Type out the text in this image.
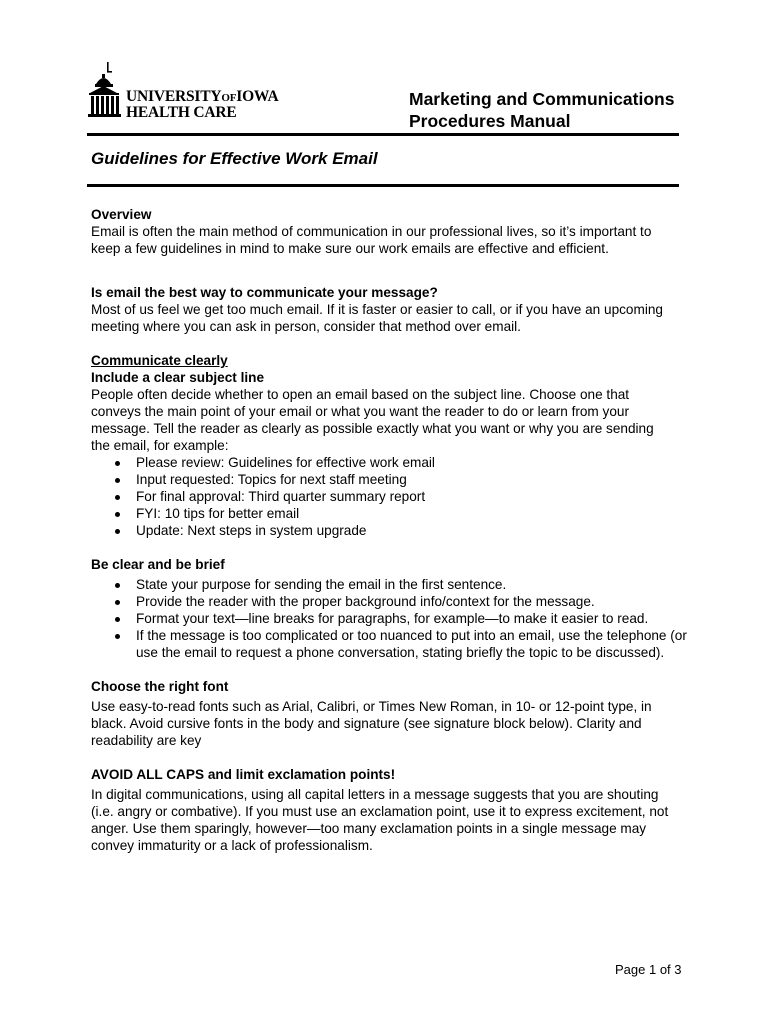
UNIVERSITYOFIOWA
HEALTH CARE
Marketing and Communications
Procedures Manual
Guidelines for Effective Work Email

Overview

Email is often the main method of communication in our professional lives, so it’s important to

keep a few guidelines in mind to make sure our work emails are effective and efficient.

Is email the best way to communicate your message?

Most of us feel we get too much email. If it is faster or easier to call, or if you have an upcoming

meeting where you can ask in person, consider that method over email.

Communicate clearly

Include a clear subject line

People often decide whether to open an email based on the subject line. Choose one that

conveys the main point of your email or what you want the reader to do or learn from your

message. Tell the reader as clearly as possible exactly what you want or why you are sending

the email, for example:

Please review: Guidelines for effective work email
Input requested: Topics for next staff meeting
For final approval: Third quarter summary report
FYI: 10 tips for better email
Update: Next steps in system upgrade

Be clear and be brief

State your purpose for sending the email in the first sentence.
Provide the reader with the proper background info/context for the message.
Format your text—line breaks for paragraphs, for example—to make it easier to read.
If the message is too complicated or too nuanced to put into an email, use the telephone (or
use the email to request a phone conversation, stating briefly the topic to be discussed).

Choose the right font

Use easy-to-read fonts such as Arial, Calibri, or Times New Roman, in 10- or 12-point type, in

black. Avoid cursive fonts in the body and signature (see signature block below). Clarity and

readability are key

AVOID ALL CAPS and limit exclamation points!

In digital communications, using all capital letters in a message suggests that you are shouting

(i.e. angry or combative). If you must use an exclamation point, use it to express excitement, not

anger. Use them sparingly, however—too many exclamation points in a single message may

convey immaturity or a lack of professionalism.

Page 1 of 3
